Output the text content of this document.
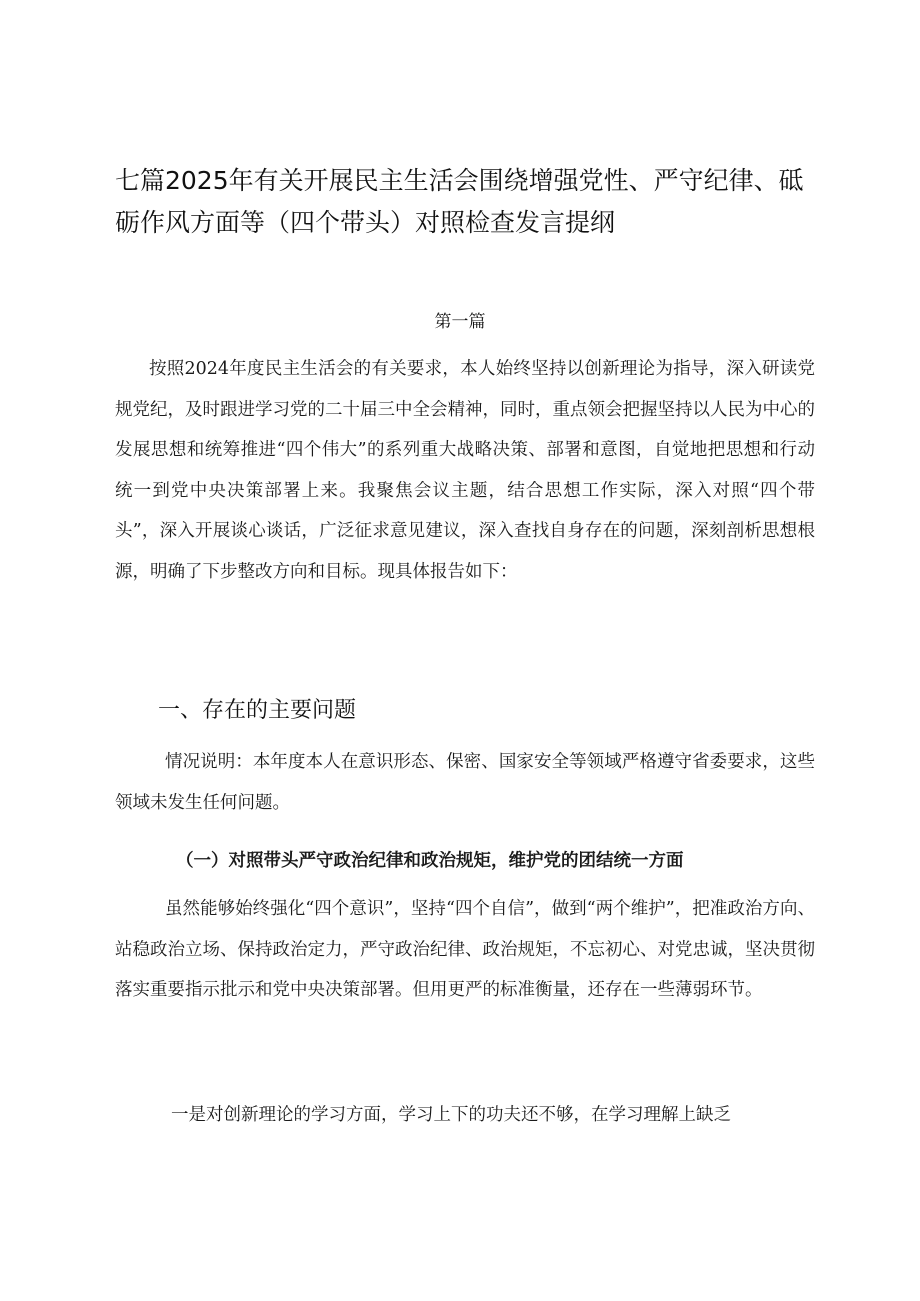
七篇2025年有关开展民主生活会围绕增强党性、严守纪律、砥砺作风方面等（四个带头）对照检查发言提纲
第一篇

按照2024年度民主生活会的有关要求，本人始终坚持以创新理论为指导，深入研读党规党纪，及时跟进学习党的二十届三中全会精神，同时，重点领会把握坚持以人民为中心的发展思想和统筹推进“四个伟大”的系列重大战略决策、部署和意图，自觉地把思想和行动统一到党中央决策部署上来。我聚焦会议主题，结合思想工作实际，深入对照“四个带头”，深入开展谈心谈话，广泛征求意见建议，深入查找自身存在的问题，深刻剖析思想根源，明确了下步整改方向和目标。现具体报告如下：

一、存在的主要问题

情况说明：本年度本人在意识形态、保密、国家安全等领域严格遵守省委要求，这些领域未发生任何问题。

（一）对照带头严守政治纪律和政治规矩，维护党的团结统一方面

虽然能够始终强化“四个意识”，坚持“四个自信”，做到“两个维护”，把准政治方向、站稳政治立场、保持政治定力，严守政治纪律、政治规矩，不忘初心、对党忠诚，坚决贯彻落实重要指示批示和党中央决策部署。但用更严的标准衡量，还存在一些薄弱环节。

一是对创新理论的学习方面，学习上下的功夫还不够，在学习理解上缺乏
